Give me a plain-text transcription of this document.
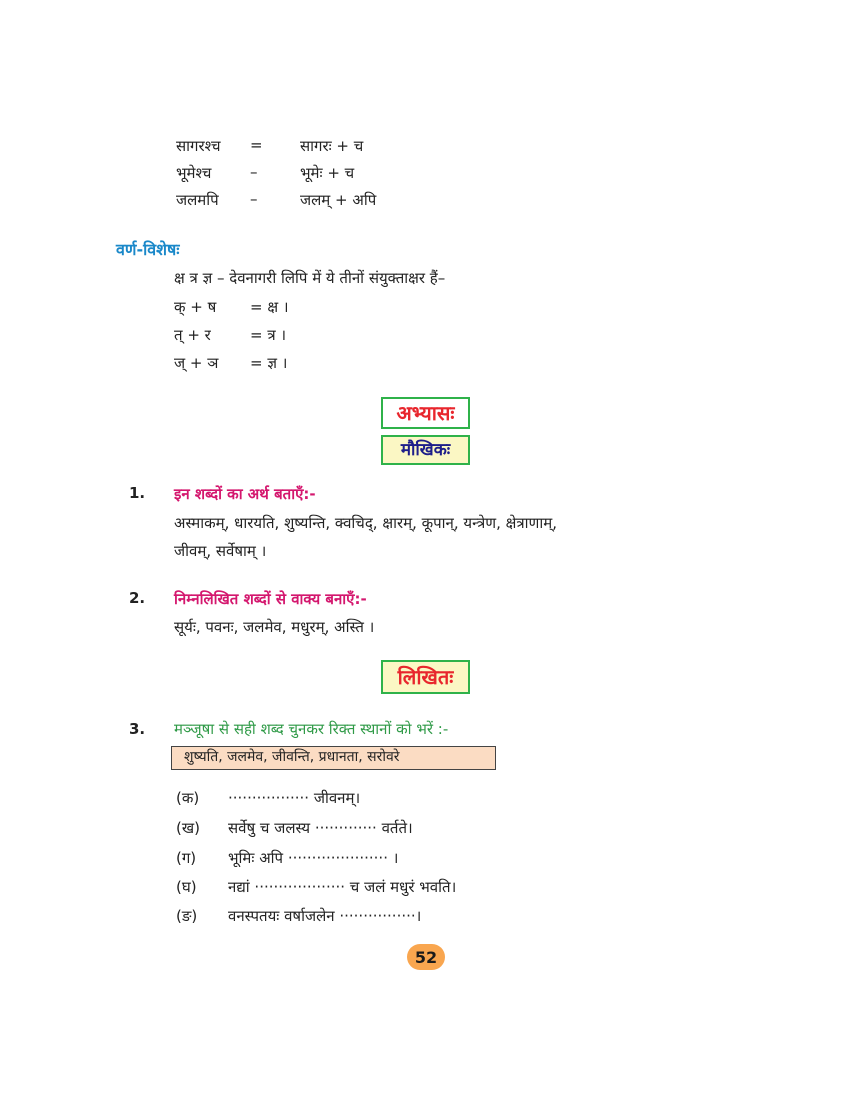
सागरश्च = सागरः + च
भूमेश्च	–	भूमेः + च
जलमपि –	जलम् + अपि
वर्ण-विशेषः
क्ष त्र ज्ञ – देवनागरी लिपि में ये तीनों संयुक्ताक्षर हैं–
क् + ष = क्ष ।
त् + र	= त्र ।
ज् + ञ = ज्ञ ।
अभ्यासः
मौखिकः
1. इन शब्दों का अर्थ बताएँ:-
अस्माकम्, धारयति, शुष्यन्ति, क्वचिद्, क्षारम्, कूपान्, यन्त्रेण, क्षेत्राणाम्,
जीवम्, सर्वेषाम् ।
2. निम्नलिखित शब्दों से वाक्य बनाएँ:-
सूर्यः, पवनः, जलमेव, मधुरम्, अस्ति ।
लिखितः
3. मञ्जूषा से सही शब्द चुनकर रिक्त स्थानों को भरें :-
शुष्यति, जलमेव, जीवन्ति, प्रधानता, सरोवरे
(क) ················· जीवनम्।
(ख) सर्वेषु च जलस्य ············· वर्तते।
(ग) भूमिः अपि ····················· ।
(घ) नद्यां ··················· च जलं मधुरं भवति।
(ङ) वनस्पतयः वर्षाजलेन ················।
52
